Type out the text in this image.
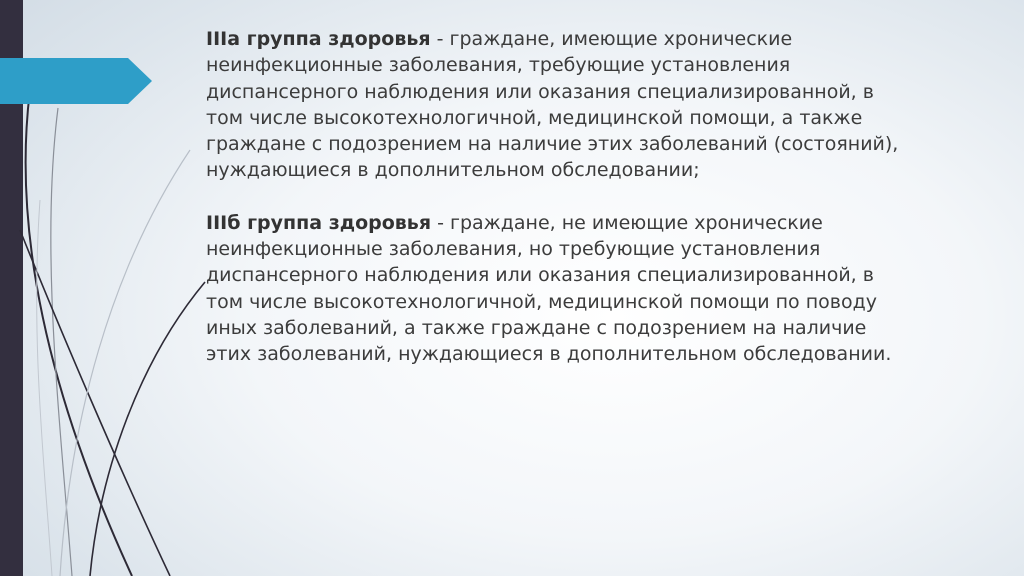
IIIа группа здоровья - граждане, имеющие хронические неинфекционные заболевания, требующие установления диспансерного наблюдения или оказания специализированной, в том числе высокотехнологичной, медицинской помощи, а также граждане с подозрением на наличие этих заболеваний (состояний), нуждающиеся в дополнительном обследовании;

IIIб группа здоровья - граждане, не имеющие хронические неинфекционные заболевания, но требующие установления диспансерного наблюдения или оказания специализированной, в том числе высокотехнологичной, медицинской помощи по поводу иных заболеваний, а также граждане с подозрением на наличие этих заболеваний, нуждающиеся в дополнительном обследовании.
